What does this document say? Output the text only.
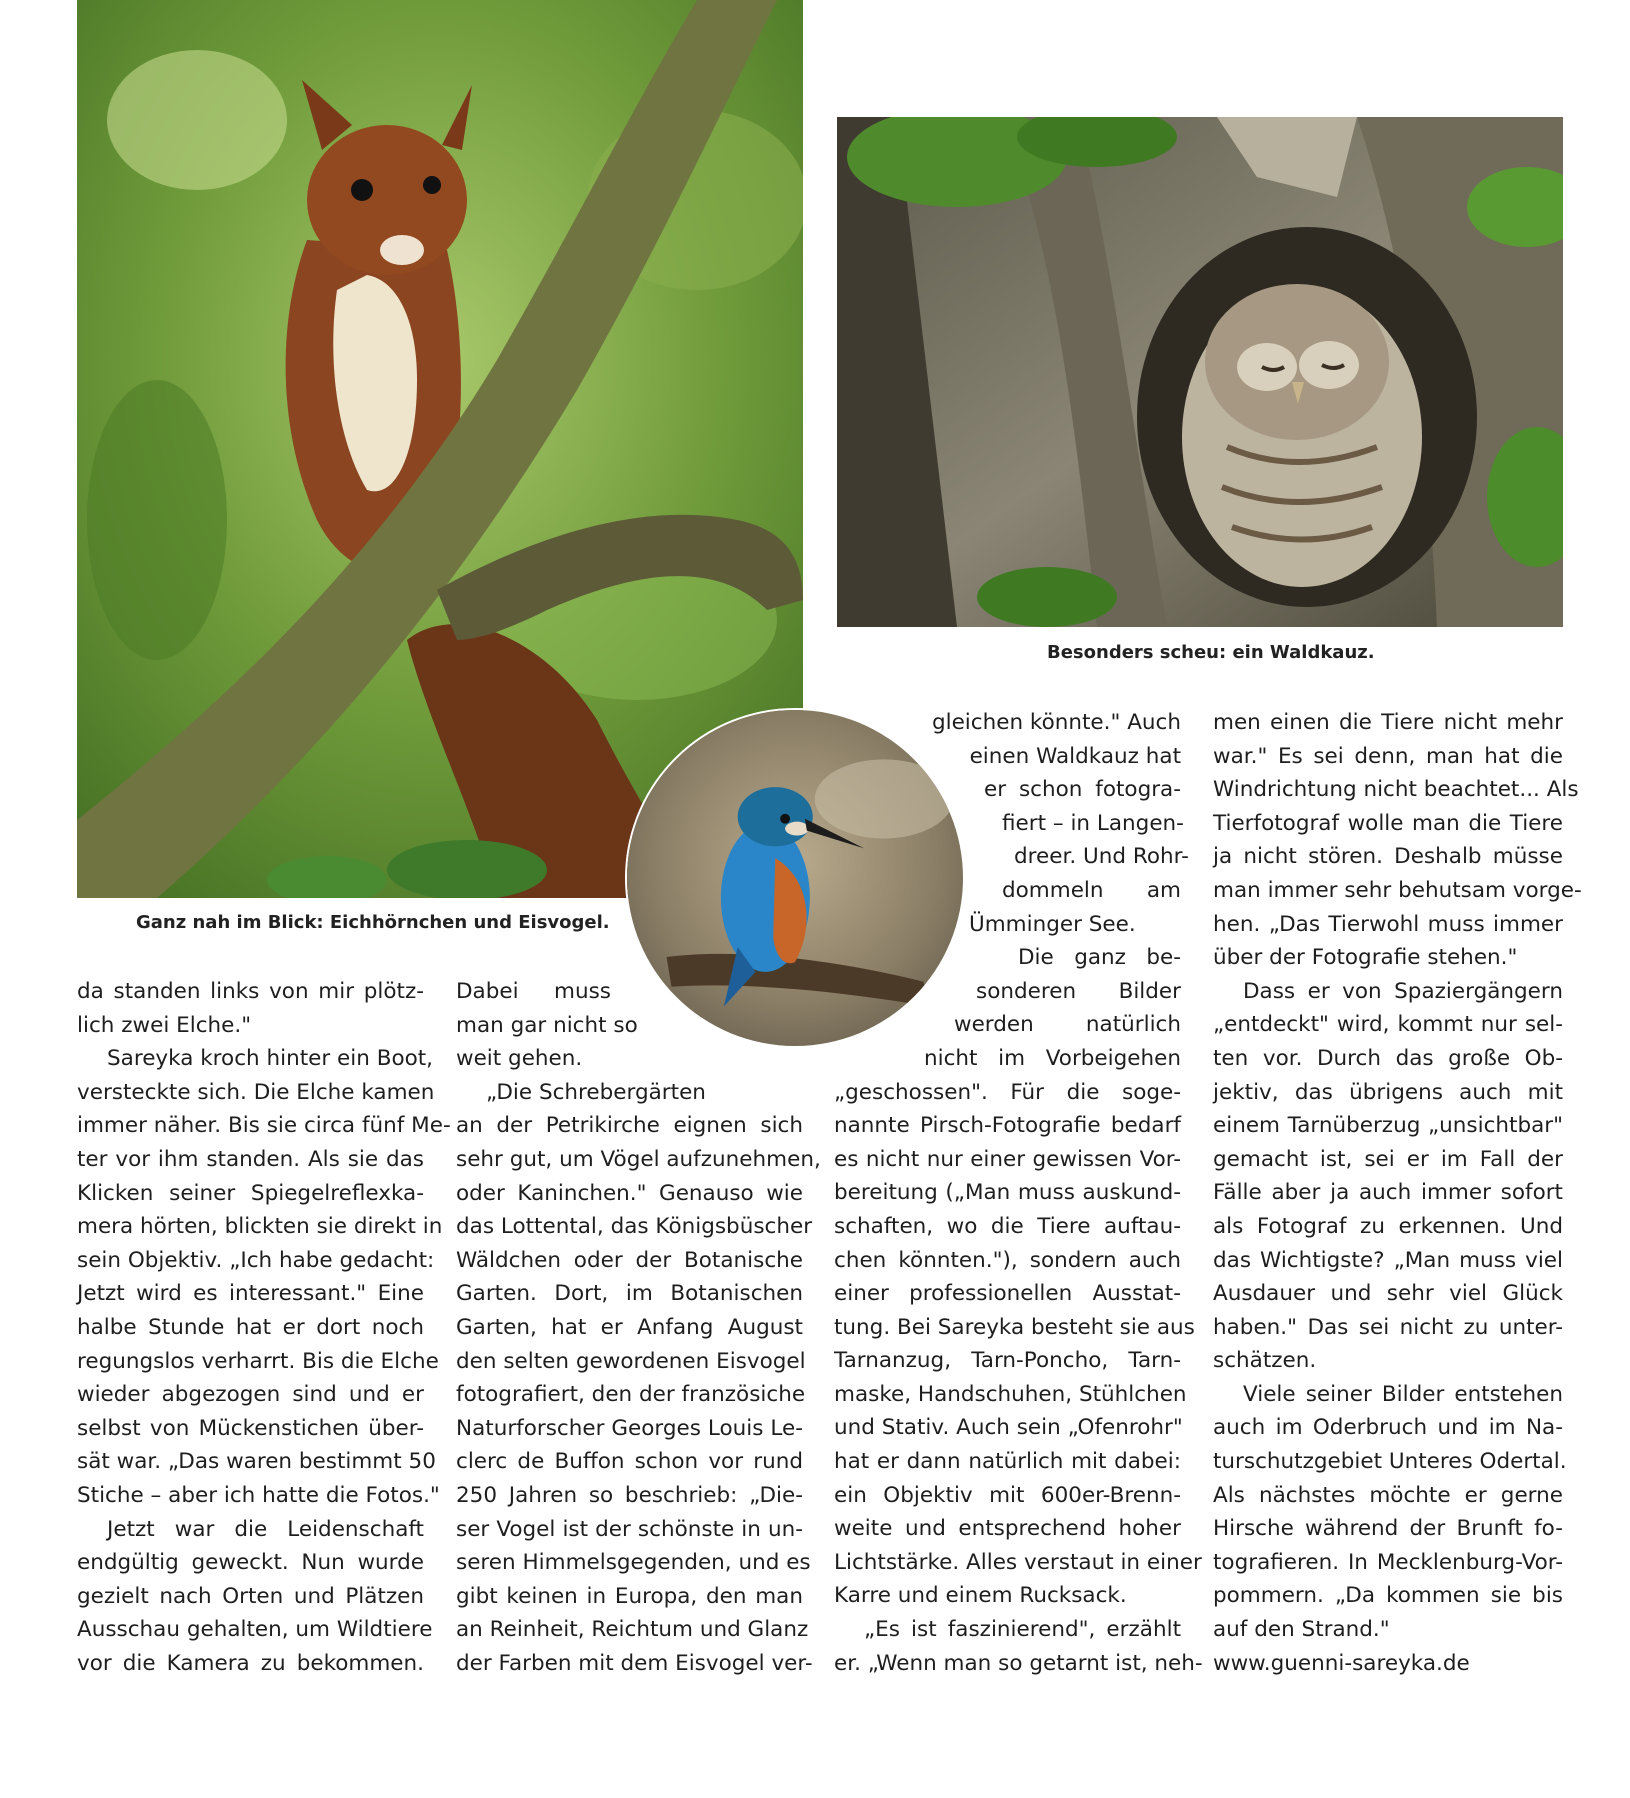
Ganz nah im Blick: Eichhörnchen und Eisvogel.
Besonders scheu: ein Waldkauz.
da standen links von mir plötz-
lich zwei Elche."
Sareyka kroch hinter ein Boot,
versteckte sich. Die Elche kamen
immer näher. Bis sie circa fünf Me-
ter vor ihm standen. Als sie das
Klicken seiner Spiegelreflexka-
mera hörten, blickten sie direkt in
sein Objektiv. „Ich habe gedacht:
Jetzt wird es interessant." Eine
halbe Stunde hat er dort noch
regungslos verharrt. Bis die Elche
wieder abgezogen sind und er
selbst von Mückenstichen über-
sät war. „Das waren bestimmt 50
Stiche – aber ich hatte die Fotos."
Jetzt war die Leidenschaft
endgültig geweckt. Nun wurde
gezielt nach Orten und Plätzen
Ausschau gehalten, um Wildtiere
vor die Kamera zu bekommen.
Dabei muss
man gar nicht so
weit gehen.
„Die Schrebergärten
an der Petrikirche eignen sich
sehr gut, um Vögel aufzunehmen,
oder Kaninchen." Genauso wie
das Lottental, das Königsbüscher
Wäldchen oder der Botanische
Garten. Dort, im Botanischen
Garten, hat er Anfang August
den selten gewordenen Eisvogel
fotografiert, den der französiche
Naturforscher Georges Louis Le-
clerc de Buffon schon vor rund
250 Jahren so beschrieb: „Die-
ser Vogel ist der schönste in un-
seren Himmelsgegenden, und es
gibt keinen in Europa, den man
an Reinheit, Reichtum und Glanz
der Farben mit dem Eisvogel ver-
gleichen könnte." Auch
einen Waldkauz hat
er schon fotogra-
fiert – in Langen-
dreer. Und Rohr-
dommeln am
Ümminger See.
Die ganz be-
sonderen Bilder
werden natürlich
nicht im Vorbeigehen
„geschossen". Für die soge-
nannte Pirsch-Fotografie bedarf
es nicht nur einer gewissen Vor-
bereitung („Man muss auskund-
schaften, wo die Tiere auftau-
chen könnten."), sondern auch
einer professionellen Ausstat-
tung. Bei Sareyka besteht sie aus
Tarnanzug, Tarn-Poncho, Tarn-
maske, Handschuhen, Stühlchen
und Stativ. Auch sein „Ofenrohr"
hat er dann natürlich mit dabei:
ein Objektiv mit 600er-Brenn-
weite und entsprechend hoher
Lichtstärke. Alles verstaut in einer
Karre und einem Rucksack.
„Es ist faszinierend", erzählt
er. „Wenn man so getarnt ist, neh-
men einen die Tiere nicht mehr
war." Es sei denn, man hat die
Windrichtung nicht beachtet... Als
Tierfotograf wolle man die Tiere
ja nicht stören. Deshalb müsse
man immer sehr behutsam vorge-
hen. „Das Tierwohl muss immer
über der Fotografie stehen."
Dass er von Spaziergängern
„entdeckt" wird, kommt nur sel-
ten vor. Durch das große Ob-
jektiv, das übrigens auch mit
einem Tarnüberzug „unsichtbar"
gemacht ist, sei er im Fall der
Fälle aber ja auch immer sofort
als Fotograf zu erkennen. Und
das Wichtigste? „Man muss viel
Ausdauer und sehr viel Glück
haben." Das sei nicht zu unter-
schätzen.
Viele seiner Bilder entstehen
auch im Oderbruch und im Na-
turschutzgebiet Unteres Odertal.
Als nächstes möchte er gerne
Hirsche während der Brunft fo-
tografieren. In Mecklenburg-Vor-
pommern. „Da kommen sie bis
auf den Strand."
www.guenni-sareyka.de
